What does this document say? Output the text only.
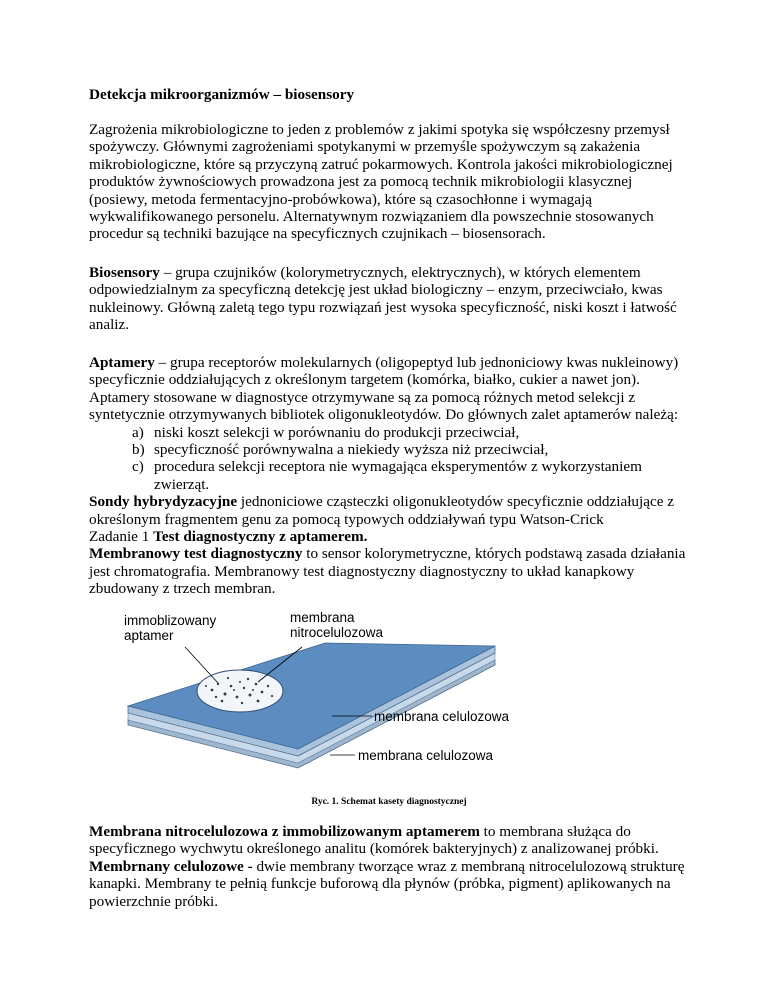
Detekcja mikroorganizmów – biosensory

Zagrożenia mikrobiologiczne to jeden z problemów z jakimi spotyka się współczesny przemysł spożywczy. Głównymi zagrożeniami spotykanymi w przemyśle spożywczym są zakażenia mikrobiologiczne, które są przyczyną zatruć pokarmowych. Kontrola jakości mikrobiologicznej produktów żywnościowych prowadzona jest za pomocą technik mikrobiologii klasycznej (posiewy, metoda fermentacyjno-probówkowa), które są czasochłonne i wymagają wykwalifikowanego personelu. Alternatywnym rozwiązaniem dla powszechnie stosowanych procedur są techniki bazujące na specyficznych czujnikach – biosensorach.

Biosensory – grupa czujników (kolorymetrycznych, elektrycznych), w których elementem odpowiedzialnym za specyficzną detekcję jest układ biologiczny – enzym, przeciwciało, kwas nukleinowy. Główną zaletą tego typu rozwiązań jest wysoka specyficzność, niski koszt i łatwość analiz.

Aptamery – grupa receptorów molekularnych (oligopeptyd lub jednoniciowy kwas nukleinowy) specyficznie oddziałujących z określonym targetem (komórka, białko, cukier a nawet jon). Aptamery stosowane w diagnostyce otrzymywane są za pomocą różnych metod selekcji z syntetycznie otrzymywanych bibliotek oligonukleotydów. Do głównych zalet aptamerów należą:

a) niski koszt selekcji w porównaniu do produkcji przeciwciał,
b) specyficzność porównywalna a niekiedy wyższa niż przeciwciał,
c) procedura selekcji receptora nie wymagająca eksperymentów z wykorzystaniem zwierząt.

Sondy hybrydyzacyjne jednoniciowe cząsteczki oligonukleotydów specyficznie oddziałujące z określonym fragmentem genu za pomocą typowych oddziaływań typu Watson-Crick

Zadanie 1 Test diagnostyczny z aptamerem.

Membranowy test diagnostyczny to sensor kolorymetryczne, których podstawą zasada działania jest chromatografia. Membranowy test diagnostyczny diagnostyczny to układ kanapkowy zbudowany z trzech membran.

immoblizowany
aptamer
membrana
nitrocelulozowa
membrana celulozowa
membrana celulozowa

Ryc. 1. Schemat kasety diagnostycznej

Membrana nitrocelulozowa z immobilizowanym aptamerem to membrana służąca do specyficznego wychwytu określonego analitu (komórek bakteryjnych) z analizowanej próbki.

Membrnany celulozowe - dwie membrany tworzące wraz z membraną nitrocelulozową strukturę kanapki. Membrany te pełnią funkcje buforową dla płynów (próbka, pigment) aplikowanych na powierzchnie próbki.
